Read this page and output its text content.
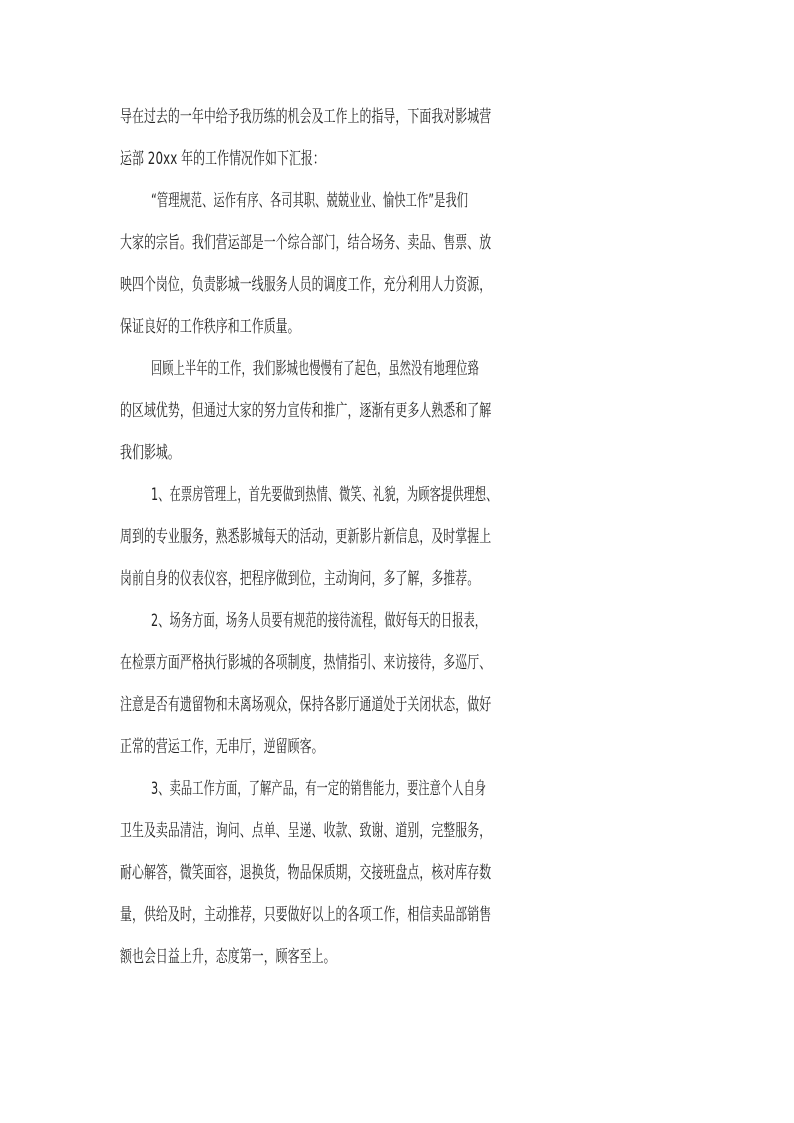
导在过去的一年中给予我历练的机会及工作上的指导，下面我对影城营
运部 20xx 年的工作情况作如下汇报：
“管理规范、运作有序、各司其职、兢兢业业、愉快工作”是我们
大家的宗旨。我们营运部是一个综合部门，结合场务、卖品、售票、放
映四个岗位，负责影城一线服务人员的调度工作，充分利用人力资源，
保证良好的工作秩序和工作质量。
回顾上半年的工作，我们影城也慢慢有了起色，虽然没有地理位臵
的区域优势，但通过大家的努力宣传和推广，逐渐有更多人熟悉和了解
我们影城。
1、在票房管理上，首先要做到热情、微笑、礼貌，为顾客提供理想、
周到的专业服务，熟悉影城每天的活动，更新影片新信息，及时掌握上
岗前自身的仪表仪容，把程序做到位，主动询问，多了解，多推荐。
2、场务方面，场务人员要有规范的接待流程，做好每天的日报表，
在检票方面严格执行影城的各项制度，热情指引、来访接待，多巡厅、
注意是否有遗留物和未离场观众，保持各影厅通道处于关闭状态，做好
正常的营运工作，无串厅，逆留顾客。
3、卖品工作方面，了解产品，有一定的销售能力，要注意个人自身
卫生及卖品清洁，询问、点单、呈递、收款、致谢、道别，完整服务，
耐心解答，微笑面容，退换货，物品保质期，交接班盘点，核对库存数
量，供给及时，主动推荐，只要做好以上的各项工作，相信卖品部销售
额也会日益上升，态度第一，顾客至上。
